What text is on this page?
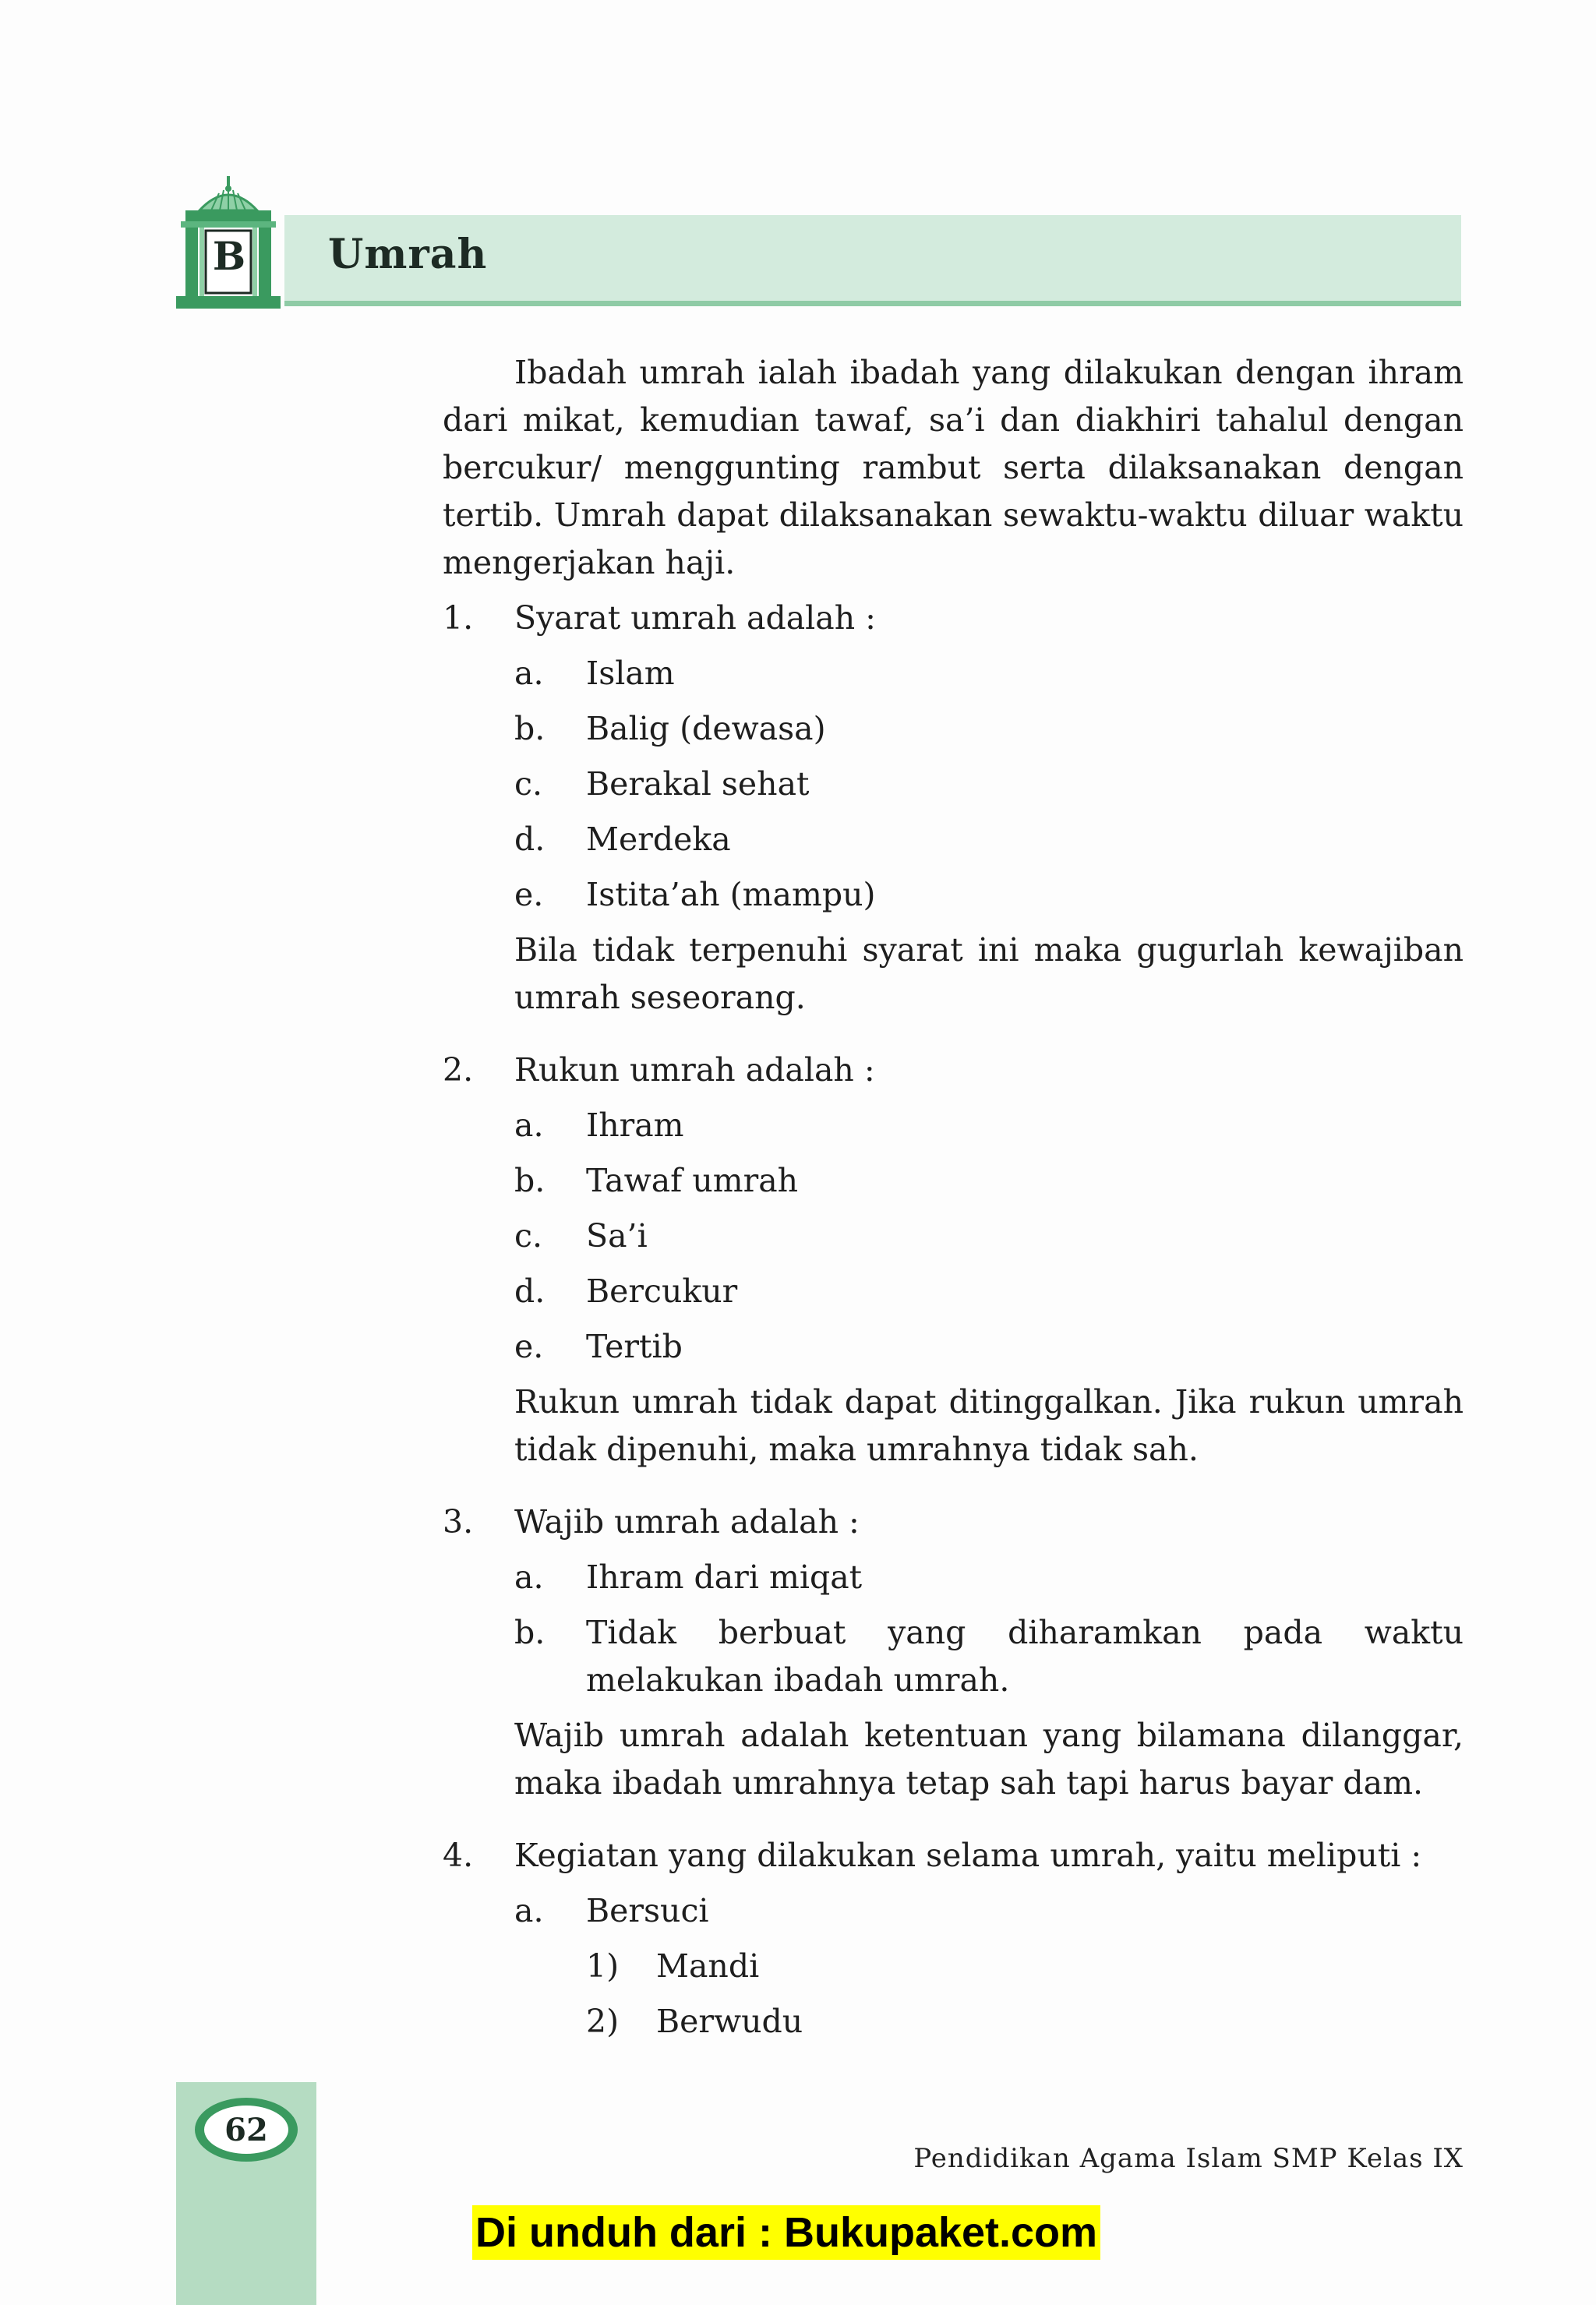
B Umrah

Ibadah umrah ialah ibadah yang dilakukan dengan ihram dari mikat, kemudian tawaf, sa’i dan diakhiri tahalul dengan bercukur/ menggunting rambut serta dilaksanakan dengan tertib. Umrah dapat dilaksanakan sewaktu-waktu diluar waktu mengerjakan haji.

1. Syarat umrah adalah :
a. Islam
b. Balig (dewasa)
c. Berakal sehat
d. Merdeka
e. Istita’ah (mampu)

Bila tidak terpenuhi syarat ini maka gugurlah kewajiban umrah seseorang.

2. Rukun umrah adalah :
a. Ihram
b. Tawaf umrah
c. Sa’i
d. Bercukur
e. Tertib

Rukun umrah tidak dapat ditinggalkan. Jika rukun umrah tidak dipenuhi, maka umrahnya tidak sah.

3. Wajib umrah adalah :
a. Ihram dari miqat
b. Tidak berbuat yang diharamkan pada waktu melakukan ibadah umrah.

Wajib umrah adalah ketentuan yang bilamana dilanggar, maka ibadah umrahnya tetap sah tapi harus bayar dam.

4. Kegiatan yang dilakukan selama umrah, yaitu meliputi :
a. Bersuci
1) Mandi
2) Berwudu
62
Pendidikan Agama Islam SMP Kelas IX
Di unduh dari : Bukupaket.com
